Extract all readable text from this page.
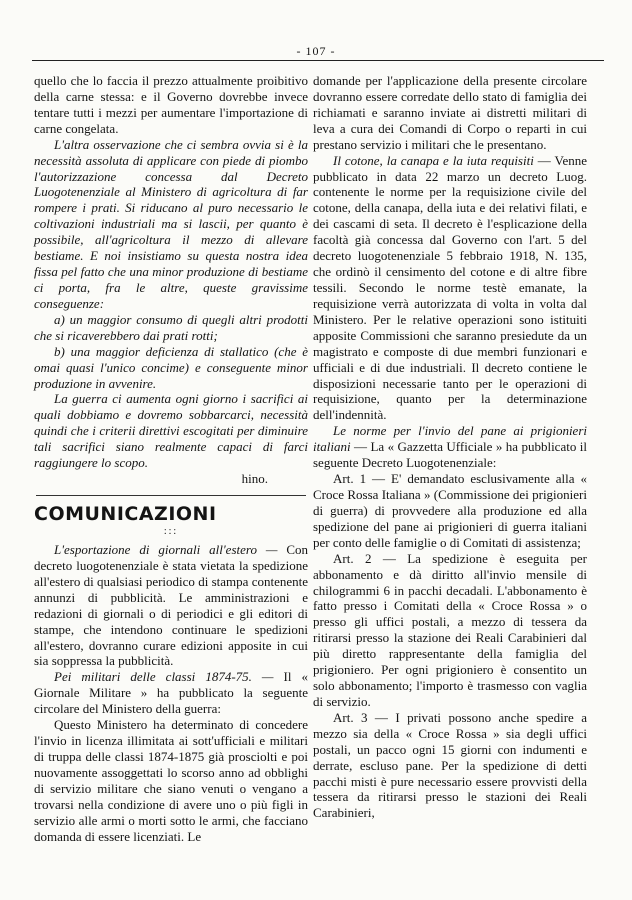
- 107 -

quello che lo faccia il prezzo attualmente proibitivo della carne stessa: e il Governo dovrebbe invece tentare tutti i mezzi per aumentare l'importazione di carne congelata.

L'altra osservazione che ci sembra ovvia si è la necessità assoluta di applicare con piede di piombo l'autorizzazione concessa dal Decreto Luogotenenziale al Ministero di agricoltura di far rompere i prati. Si riducano al puro necessario le coltivazioni industriali ma si lascii, per quanto è possibile, all'agricoltura il mezzo di allevare bestiame. E noi insistiamo su questa nostra idea fissa pel fatto che una minor produzione di bestiame ci porta, fra le altre, queste gravissime conseguenze:

a) un maggior consumo di quegli altri prodotti che si ricaverebbero dai prati rotti;

b) una maggior deficienza di stallatico (che è omai quasi l'unico concime) e conseguente minor produzione in avvenire.

La guerra ci aumenta ogni giorno i sacrifici ai quali dobbiamo e dovremo sobbarcarci, necessità quindi che i criterii direttivi escogitati per diminuire tali sacrifici siano realmente capaci di farci raggiungere lo scopo.

hino.

COMUNICAZIONI

:::

L'esportazione di giornali all'estero — Con decreto luogotenenziale è stata vietata la spedizione all'estero di qualsiasi periodico di stampa contenente annunzi di pubblicità. Le amministrazioni e redazioni di giornali o di periodici e gli editori di stampe, che intendono continuare le spedizioni all'estero, dovranno curare edizioni apposite in cui sia soppressa la pubblicità.

Pei militari delle classi 1874-75. — Il « Giornale Militare » ha pubblicato la seguente circolare del Ministero della guerra:

Questo Ministero ha determinato di concedere l'invio in licenza illimitata ai sott'ufficiali e militari di truppa delle classi 1874-1875 già prosciolti e poi nuovamente assoggettati lo scorso anno ad obblighi di servizio militare che siano venuti o vengano a trovarsi nella condizione di avere uno o più figli in servizio alle armi o morti sotto le armi, che facciano domanda di essere licenziati. Le

domande per l'applicazione della presente circolare dovranno essere corredate dello stato di famiglia dei richiamati e saranno inviate ai distretti militari di leva a cura dei Comandi di Corpo o reparti in cui prestano servizio i militari che le presentano.

Il cotone, la canapa e la iuta requisiti — Venne pubblicato in data 22 marzo un decreto Luog. contenente le norme per la requisizione civile del cotone, della canapa, della iuta e dei relativi filati, e dei cascami di seta. Il decreto è l'esplicazione della facoltà già concessa dal Governo con l'art. 5 del decreto luogotenenziale 5 febbraio 1918, N. 135, che ordinò il censimento del cotone e di altre fibre tessili. Secondo le norme testè emanate, la requisizione verrà autorizzata di volta in volta dal Ministero. Per le relative operazioni sono istituiti apposite Commissioni che saranno presiedute da un magistrato e composte di due membri funzionari e ufficiali e di due industriali. Il decreto contiene le disposizioni necessarie tanto per le operazioni di requisizione, quanto per la determinazione dell'indennità.

Le norme per l'invio del pane ai prigionieri italiani — La « Gazzetta Ufficiale » ha pubblicato il seguente Decreto Luogotenenziale:

Art. 1 — E' demandato esclusivamente alla « Croce Rossa Italiana » (Commissione dei prigionieri di guerra) di provvedere alla produzione ed alla spedizione del pane ai prigionieri di guerra italiani per conto delle famiglie o di Comitati di assistenza;

Art. 2 — La spedizione è eseguita per abbonamento e dà diritto all'invio mensile di chilogrammi 6 in pacchi decadali. L'abbonamento è fatto presso i Comitati della « Croce Rossa » o presso gli uffici postali, a mezzo di tessera da ritirarsi presso la stazione dei Reali Carabinieri dal più diretto rappresentante della famiglia del prigioniero. Per ogni prigioniero è consentito un solo abbonamento; l'importo è trasmesso con vaglia di servizio.

Art. 3 — I privati possono anche spedire a mezzo sia della « Croce Rossa » sia degli uffici postali, un pacco ogni 15 giorni con indumenti e derrate, escluso pane. Per la spedizione di detti pacchi misti è pure necessario essere provvisti della tessera da ritirarsi presso le stazioni dei Reali Carabinieri,
